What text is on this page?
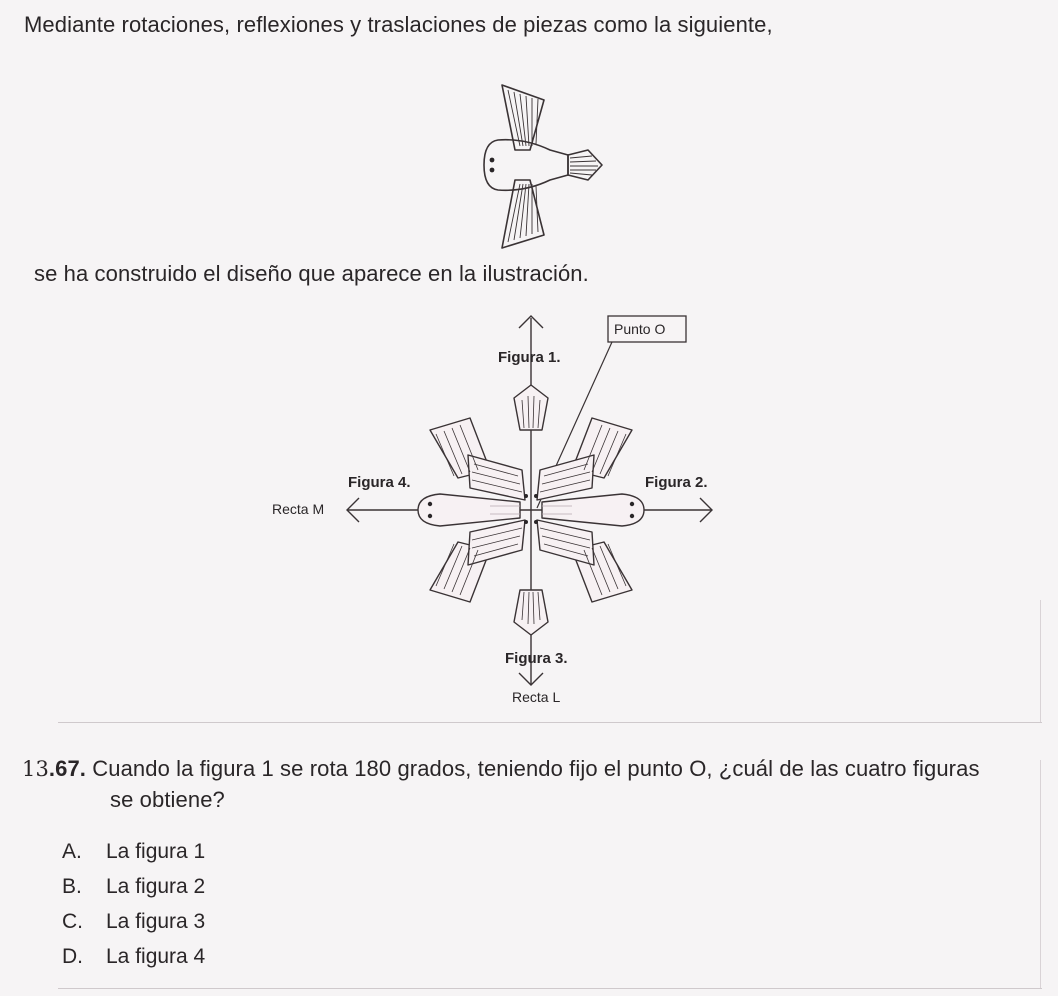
Mediante rotaciones, reflexiones y traslaciones de piezas como la siguiente,
se ha construido el diseño que aparece en la ilustración.
Figura 1.
Figura 2.
Figura 3.
Figura 4.
Recta M
Recta L
Punto O
13.67. Cuando la figura 1 se rota 180 grados, teniendo fijo el punto O, ¿cuál de las cuatro figuras
se obtiene?
A. La figura 1
B. La figura 2
C. La figura 3
D. La figura 4
